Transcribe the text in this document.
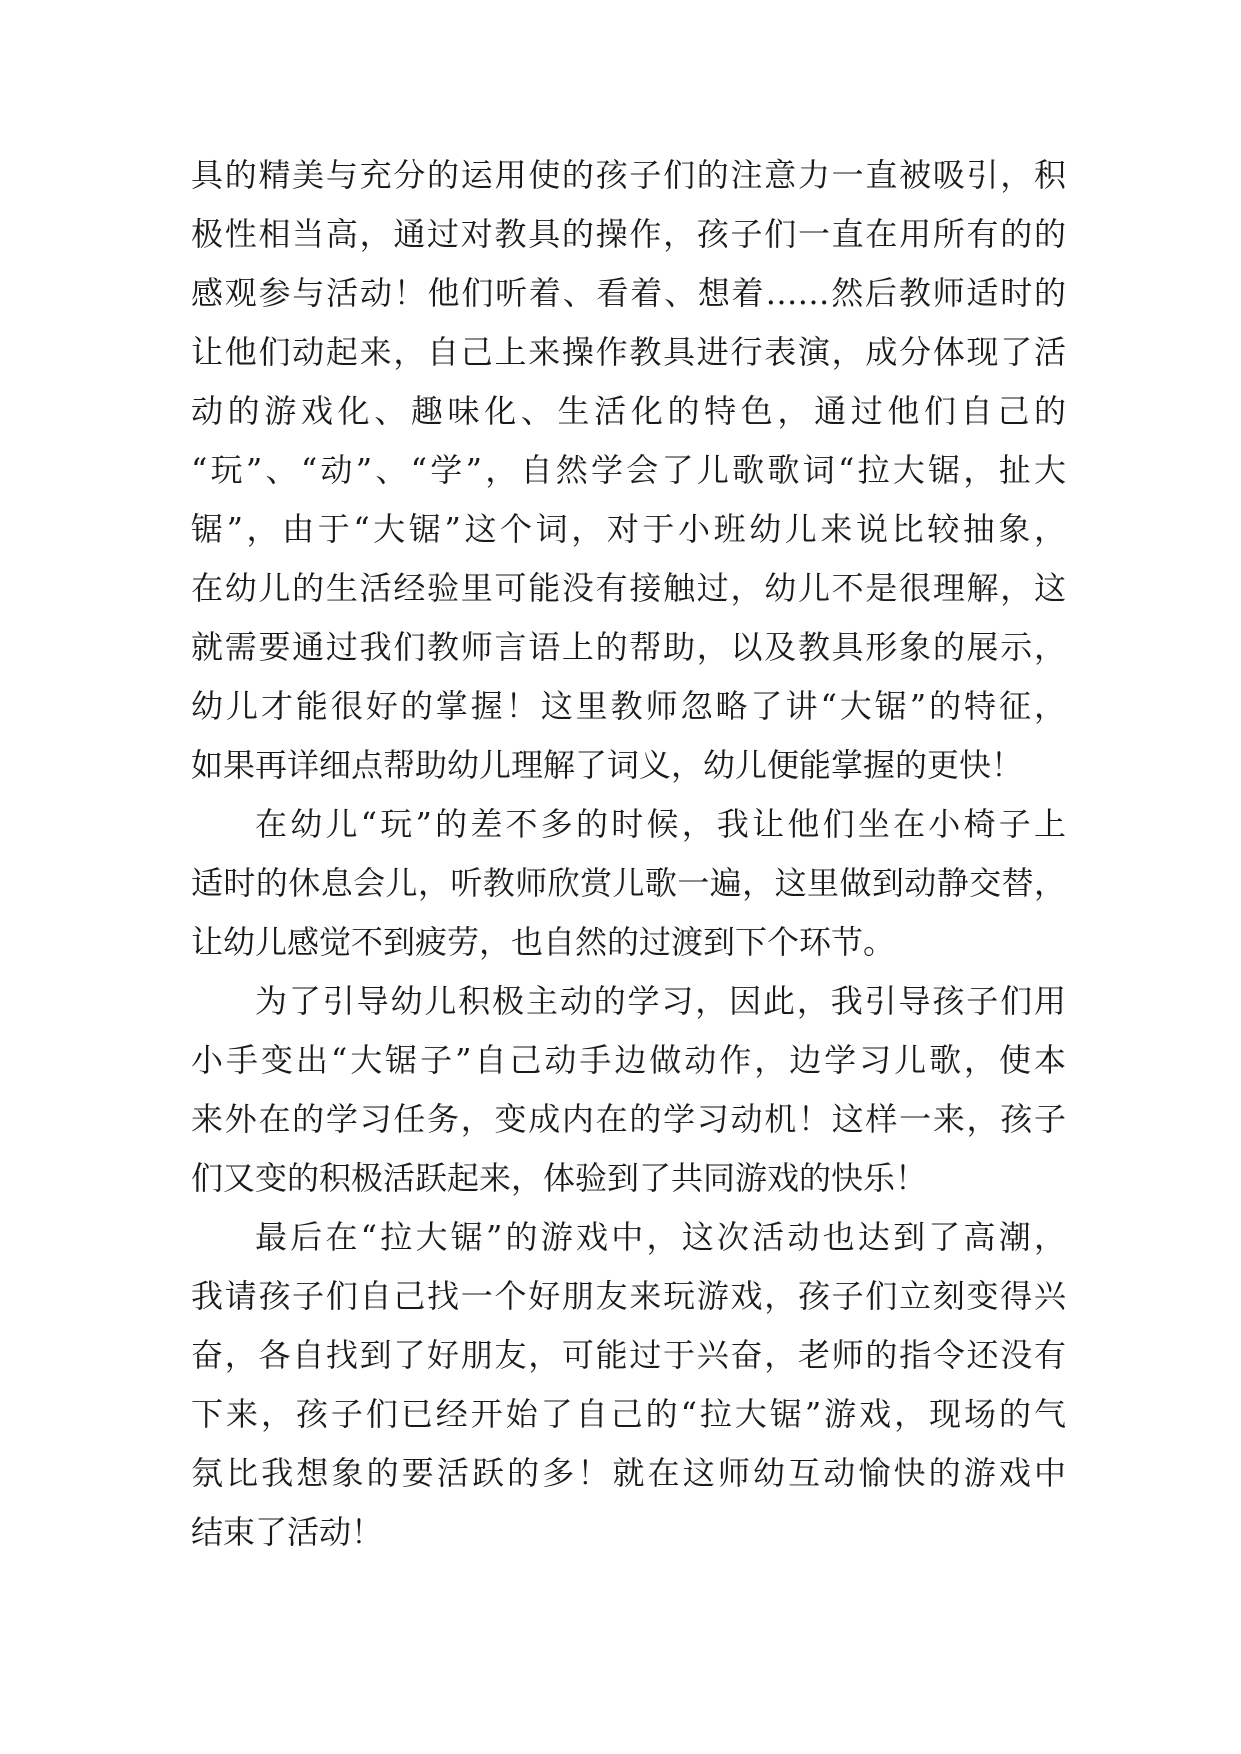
具的精美与充分的运用使的孩子们的注意力一直被吸引，积
极性相当高，通过对教具的操作，孩子们一直在用所有的的
感观参与活动！他们听着、看着、想着……然后教师适时的
让他们动起来，自己上来操作教具进行表演，成分体现了活
动的游戏化、趣味化、生活化的特色，通过他们自己的
“玩”、“动”、“学”，自然学会了儿歌歌词“拉大锯，扯大
锯”，由于“大锯”这个词，对于小班幼儿来说比较抽象，
在幼儿的生活经验里可能没有接触过，幼儿不是很理解，这
就需要通过我们教师言语上的帮助，以及教具形象的展示，
幼儿才能很好的掌握！这里教师忽略了讲“大锯”的特征，
如果再详细点帮助幼儿理解了词义，幼儿便能掌握的更快！
在幼儿“玩”的差不多的时候，我让他们坐在小椅子上
适时的休息会儿，听教师欣赏儿歌一遍，这里做到动静交替，
让幼儿感觉不到疲劳，也自然的过渡到下个环节。
为了引导幼儿积极主动的学习，因此，我引导孩子们用
小手变出“大锯子”自己动手边做动作，边学习儿歌，使本
来外在的学习任务，变成内在的学习动机！这样一来，孩子
们又变的积极活跃起来，体验到了共同游戏的快乐！
最后在“拉大锯”的游戏中，这次活动也达到了高潮，
我请孩子们自己找一个好朋友来玩游戏，孩子们立刻变得兴
奋，各自找到了好朋友，可能过于兴奋，老师的指令还没有
下来，孩子们已经开始了自己的“拉大锯”游戏，现场的气
氛比我想象的要活跃的多！就在这师幼互动愉快的游戏中
结束了活动！
